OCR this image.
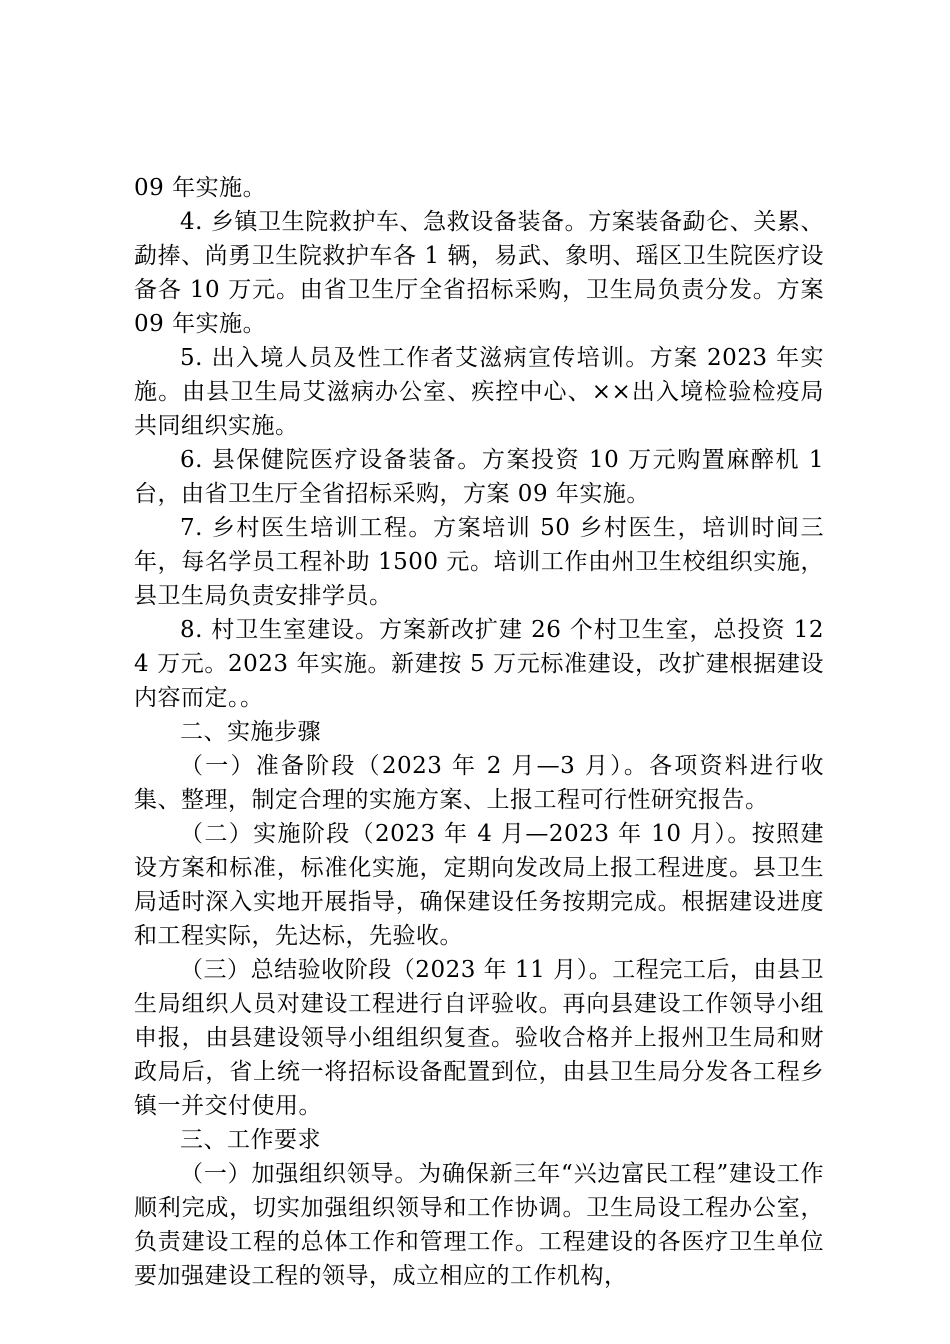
09 年实施。

4. 乡镇卫生院救护车、急救设备装备。方案装备勐仑、关累、勐捧、尚勇卫生院救护车各 1 辆，易武、象明、瑶区卫生院医疗设备各 10 万元。由省卫生厅全省招标采购，卫生局负责分发。方案 09 年实施。

5. 出入境人员及性工作者艾滋病宣传培训。方案 2023 年实施。由县卫生局艾滋病办公室、疾控中心、××出入境检验检疫局共同组织实施。

6. 县保健院医疗设备装备。方案投资 10 万元购置麻醉机 1 台，由省卫生厅全省招标采购，方案 09 年实施。

7. 乡村医生培训工程。方案培训 50 乡村医生，培训时间三年，每名学员工程补助 1500 元。培训工作由州卫生校组织实施，县卫生局负责安排学员。

8. 村卫生室建设。方案新改扩建 26 个村卫生室，总投资 124 万元。2023 年实施。新建按 5 万元标准建设，改扩建根据建设内容而定。。

二、实施步骤

（一）准备阶段（2023 年 2 月—3 月）。各项资料进行收集、整理，制定合理的实施方案、上报工程可行性研究报告。

（二）实施阶段（2023 年 4 月—2023 年 10 月）。按照建设方案和标准，标准化实施，定期向发改局上报工程进度。县卫生局适时深入实地开展指导，确保建设任务按期完成。根据建设进度和工程实际，先达标，先验收。

（三）总结验收阶段（2023 年 11 月）。工程完工后，由县卫生局组织人员对建设工程进行自评验收。再向县建设工作领导小组申报，由县建设领导小组组织复查。验收合格并上报州卫生局和财政局后，省上统一将招标设备配置到位，由县卫生局分发各工程乡镇一并交付使用。

三、工作要求

（一）加强组织领导。为确保新三年“兴边富民工程”建设工作顺利完成，切实加强组织领导和工作协调。卫生局设工程办公室，负责建设工程的总体工作和管理工作。工程建设的各医疗卫生单位要加强建设工程的领导，成立相应的工作机构，
